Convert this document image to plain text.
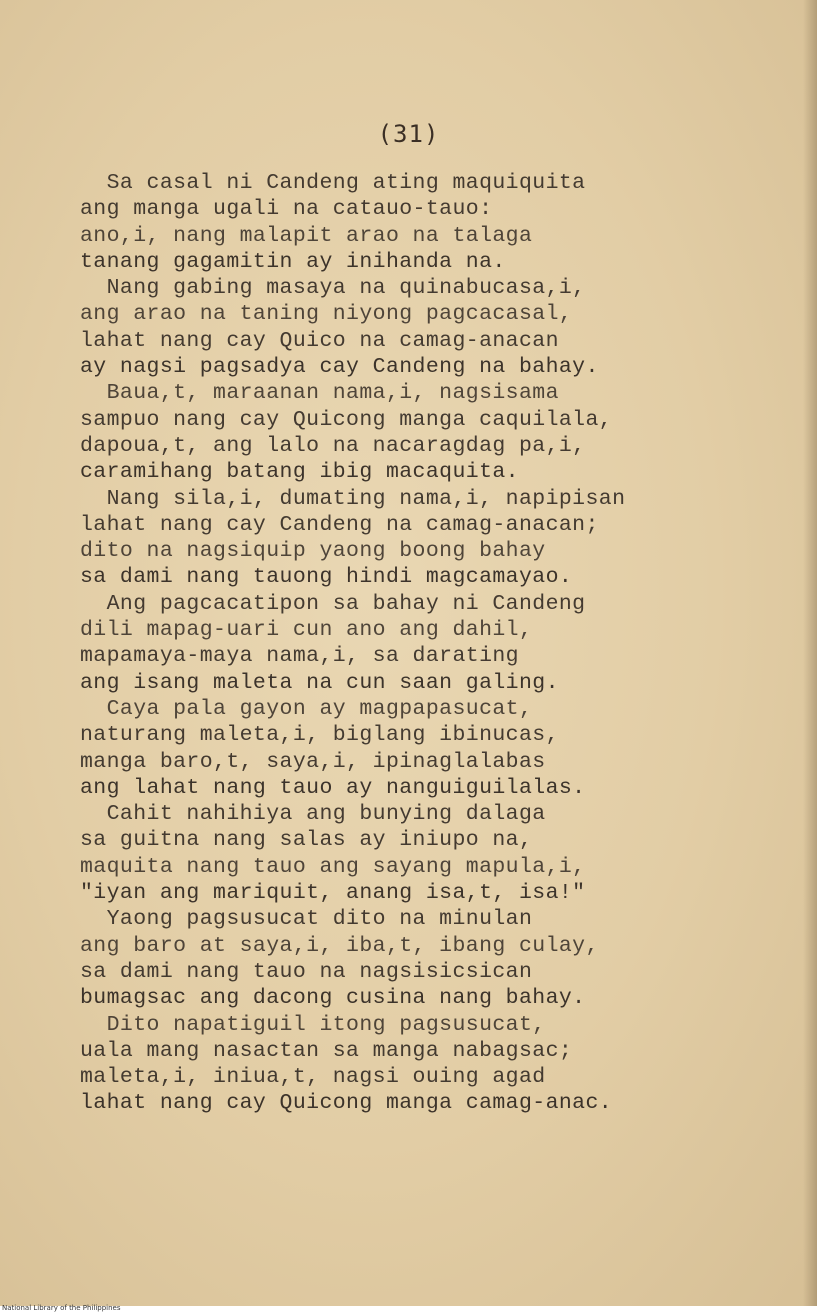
(31)
Sa casal ni Candeng ating maquiquita
ang manga ugali na catauo-tauo:
ano,i, nang malapit arao na talaga
tanang gagamitin ay inihanda na.
Nang gabing masaya na quinabucasa,i,
ang arao na taning niyong pagcacasal,
lahat nang cay Quico na camag-anacan
ay nagsi pagsadya cay Candeng na bahay.
Baua,t, maraanan nama,i, nagsisama
sampuo nang cay Quicong manga caquilala,
dapoua,t, ang lalo na nacaragdag pa,i,
caramihang batang ibig macaquita.
Nang sila,i, dumating nama,i, napipisan
lahat nang cay Candeng na camag-anacan;
dito na nagsiquip yaong boong bahay
sa dami nang tauong hindi magcamayao.
Ang pagcacatipon sa bahay ni Candeng
dili mapag-uari cun ano ang dahil,
mapamaya-maya nama,i, sa darating
ang isang maleta na cun saan galing.
Caya pala gayon ay magpapasucat,
naturang maleta,i, biglang ibinucas,
manga baro,t, saya,i, ipinaglalabas
ang lahat nang tauo ay nanguiguilalas.
Cahit nahihiya ang bunying dalaga
sa guitna nang salas ay iniupo na,
maquita nang tauo ang sayang mapula,i,
"iyan ang mariquit, anang isa,t, isa!"
Yaong pagsusucat dito na minulan
ang baro at saya,i, iba,t, ibang culay,
sa dami nang tauo na nagsisicsican
bumagsac ang dacong cusina nang bahay.
Dito napatiguil itong pagsusucat,
uala mang nasactan sa manga nabagsac;
maleta,i, iniua,t, nagsi ouing agad
lahat nang cay Quicong manga camag-anac.
National Library of the Philippines
